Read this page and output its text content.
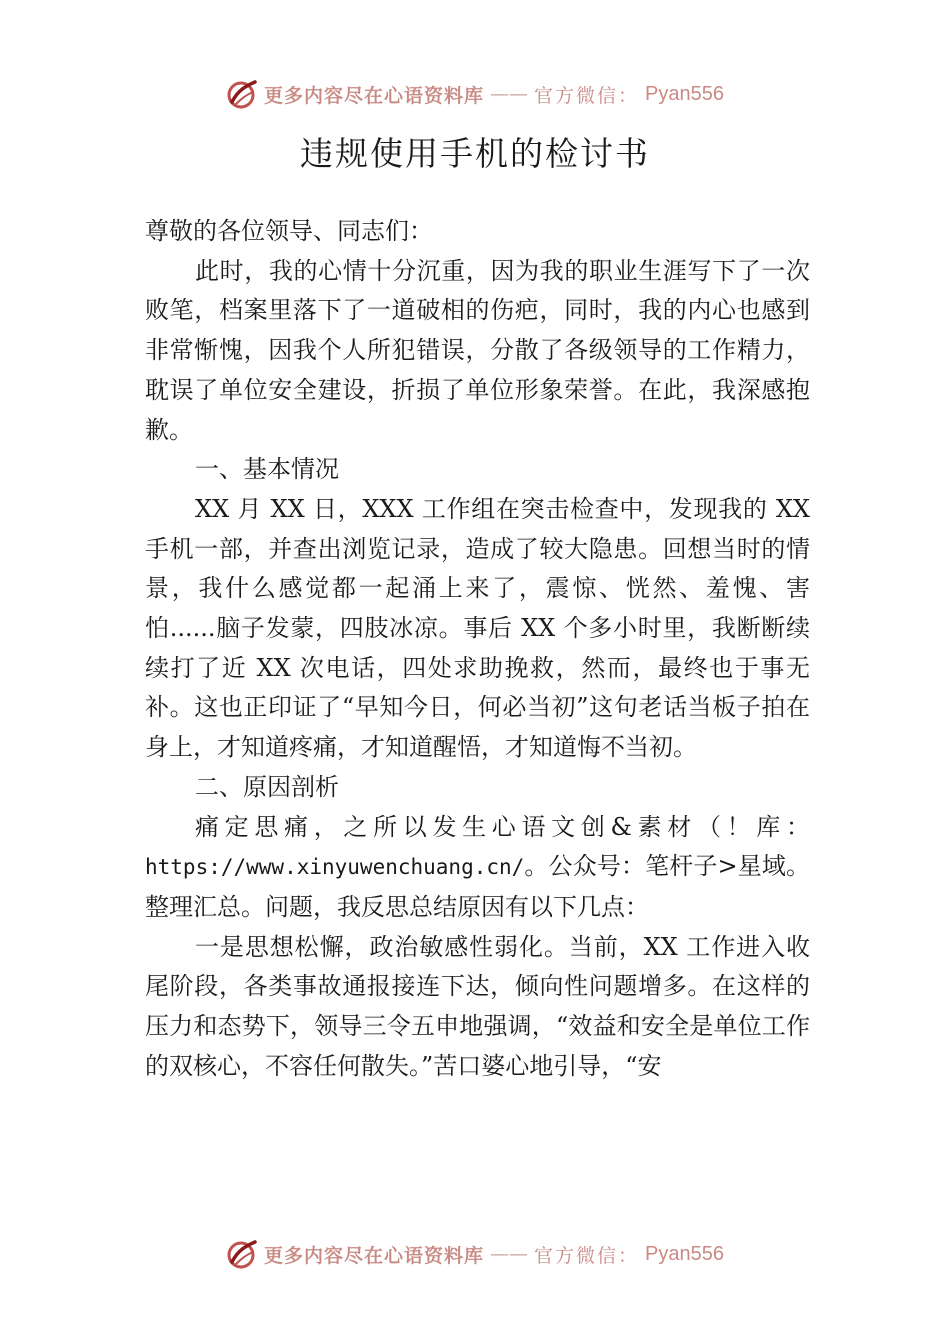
更多内容尽在心语资料库 —— 官方微信： Pyan556
违规使用手机的检讨书

尊敬的各位领导、同志们：

此时，我的心情十分沉重，因为我的职业生涯写下了一次败笔，档案里落下了一道破相的伤疤，同时，我的内心也感到非常惭愧，因我个人所犯错误，分散了各级领导的工作精力，耽误了单位安全建设，折损了单位形象荣誉。在此，我深感抱歉。

一、基本情况

XX 月 XX 日，XXX 工作组在突击检查中，发现我的 XX 手机一部，并查出浏览记录，造成了较大隐患。回想当时的情景，我什么感觉都一起涌上来了，震惊、恍然、羞愧、害怕......脑子发蒙，四肢冰凉。事后 XX 个多小时里，我断断续续打了近 XX 次电话，四处求助挽救，然而，最终也于事无补。这也正印证了“早知今日，何必当初”这句老话当板子拍在身上，才知道疼痛，才知道醒悟，才知道悔不当初。

二、原因剖析

痛定思痛，之所以发生心语文创&素材（！库：https://www.xinyuwenchuang.cn/。公众号：笔杆子>星域。整理汇总。问题，我反思总结原因有以下几点：

一是思想松懈，政治敏感性弱化。当前，XX 工作进入收尾阶段，各类事故通报接连下达，倾向性问题增多。在这样的压力和态势下，领导三令五申地强调，“效益和安全是单位工作的双核心，不容任何散失。”苦口婆心地引导，“安

更多内容尽在心语资料库 —— 官方微信： Pyan556
